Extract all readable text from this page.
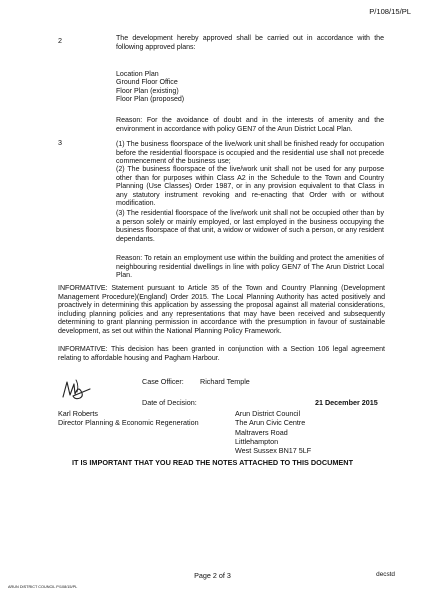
P/108/15/PL
2	The development hereby approved shall be carried out in accordance with the following approved plans:

Location Plan
Ground Floor Office
Floor Plan (existing)
Floor Plan (proposed)

Reason: For the avoidance of doubt and in the interests of amenity and the environment in accordance with policy GEN7 of the Arun District Local Plan.

3	(1) The business floorspace of the live/work unit shall be finished ready for occupation before the residential floorspace is occupied and the residential use shall not precede commencement of the business use;

(2) The business floorspace of the live/work unit shall not be used for any purpose other than for purposes within Class A2 in the Schedule to the Town and Country Planning (Use Classes) Order 1987, or in any provision equivalent to that Class in any statutory instrument revoking and re-enacting that Order with or without modification.

(3) The residential floorspace of the live/work unit shall not be occupied other than by a person solely or mainly employed, or last employed in the business occupying the business floorspace of that unit, a widow or widower of such a person, or any resident dependants.

Reason: To retain an employment use within the building and protect the amenities of neighbouring residential dwellings in line with policy GEN7 of The Arun District Local Plan.

INFORMATIVE: Statement pursuant to Article 35 of the Town and Country Planning (Development Management Procedure)(England) Order 2015. The Local Planning Authority has acted positively and proactively in determining this application by assessing the proposal against all material considerations, including planning policies and any representations that may have been received and subsequently determining to grant planning permission in accordance with the presumption in favour of sustainable development, as set out within the National Planning Policy Framework.

INFORMATIVE: This decision has been granted in conjunction with a Section 106 legal agreement relating to affordable housing and Pagham Harbour.

Case Officer: Richard Temple
Date of Decision:	21 December 2015
Karl Roberts
Director Planning & Economic Regeneration
Arun District Council
The Arun Civic Centre
Maltravers Road
Littlehampton
West Sussex BN17 5LF
IT IS IMPORTANT THAT YOU READ THE NOTES ATTACHED TO THIS DOCUMENT
ARUN DISTRICT COUNCIL P/108/15/PL
Page 2 of 3	decstd
